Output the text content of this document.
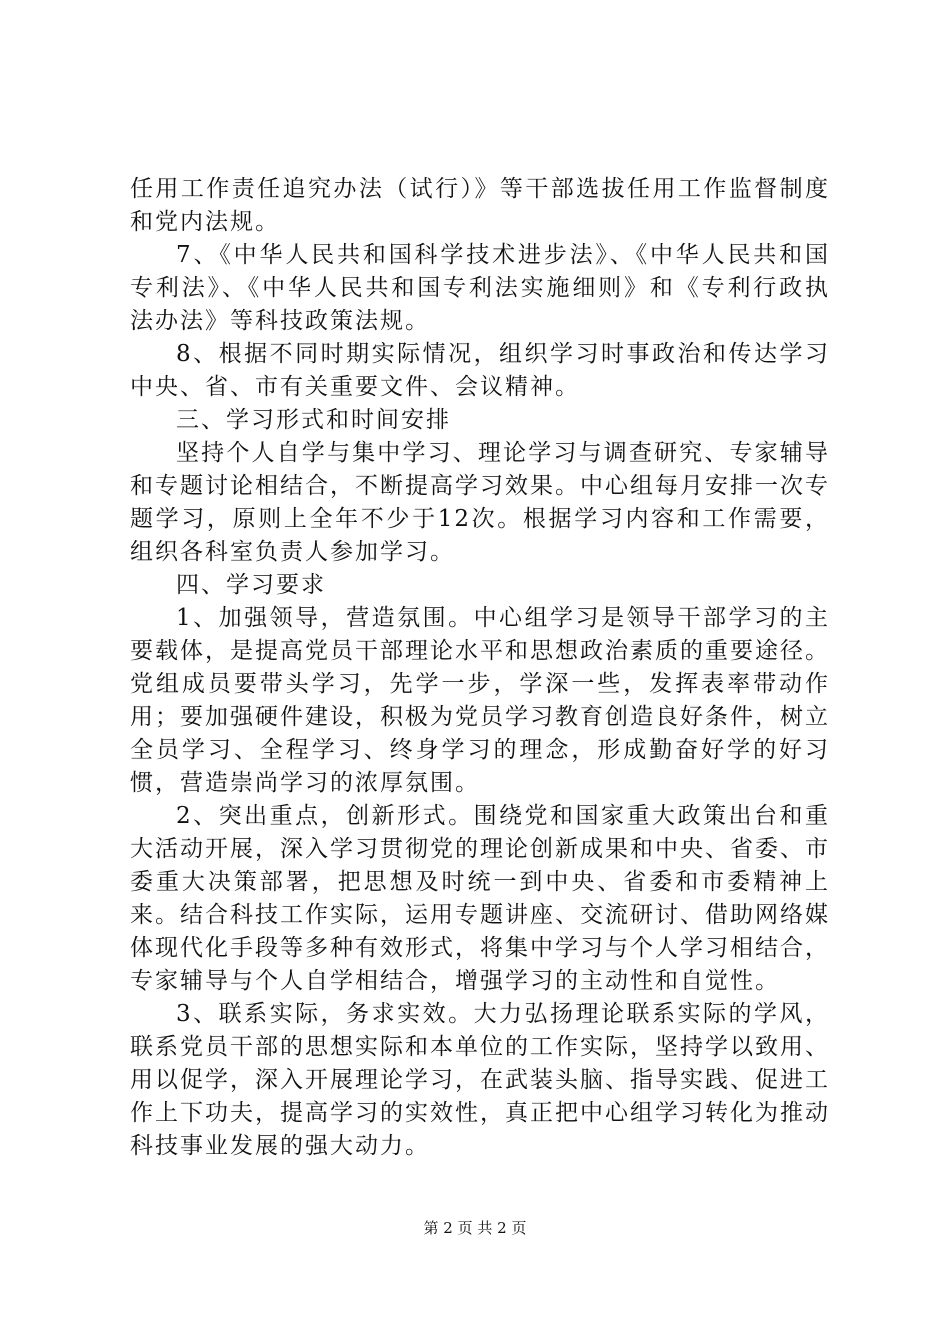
任用工作责任追究办法（试行）》等干部选拔任用工作监督制度和党内法规。

7、《中华人民共和国科学技术进步法》、《中华人民共和国专利法》、《中华人民共和国专利法实施细则》和《专利行政执法办法》等科技政策法规。

8、根据不同时期实际情况，组织学习时事政治和传达学习中央、省、市有关重要文件、会议精神。

三、学习形式和时间安排

坚持个人自学与集中学习、理论学习与调查研究、专家辅导和专题讨论相结合，不断提高学习效果。中心组每月安排一次专题学习，原则上全年不少于12次。根据学习内容和工作需要，组织各科室负责人参加学习。

四、学习要求

1、加强领导，营造氛围。中心组学习是领导干部学习的主要载体，是提高党员干部理论水平和思想政治素质的重要途径。党组成员要带头学习，先学一步，学深一些，发挥表率带动作用；要加强硬件建设，积极为党员学习教育创造良好条件，树立全员学习、全程学习、终身学习的理念，形成勤奋好学的好习惯，营造崇尚学习的浓厚氛围。

2、突出重点，创新形式。围绕党和国家重大政策出台和重大活动开展，深入学习贯彻党的理论创新成果和中央、省委、市委重大决策部署，把思想及时统一到中央、省委和市委精神上来。结合科技工作实际，运用专题讲座、交流研讨、借助网络媒体现代化手段等多种有效形式，将集中学习与个人学习相结合，专家辅导与个人自学相结合，增强学习的主动性和自觉性。

3、联系实际，务求实效。大力弘扬理论联系实际的学风，联系党员干部的思想实际和本单位的工作实际，坚持学以致用、用以促学，深入开展理论学习，在武装头脑、指导实践、促进工作上下功夫，提高学习的实效性，真正把中心组学习转化为推动科技事业发展的强大动力。

第 2 页 共 2 页
